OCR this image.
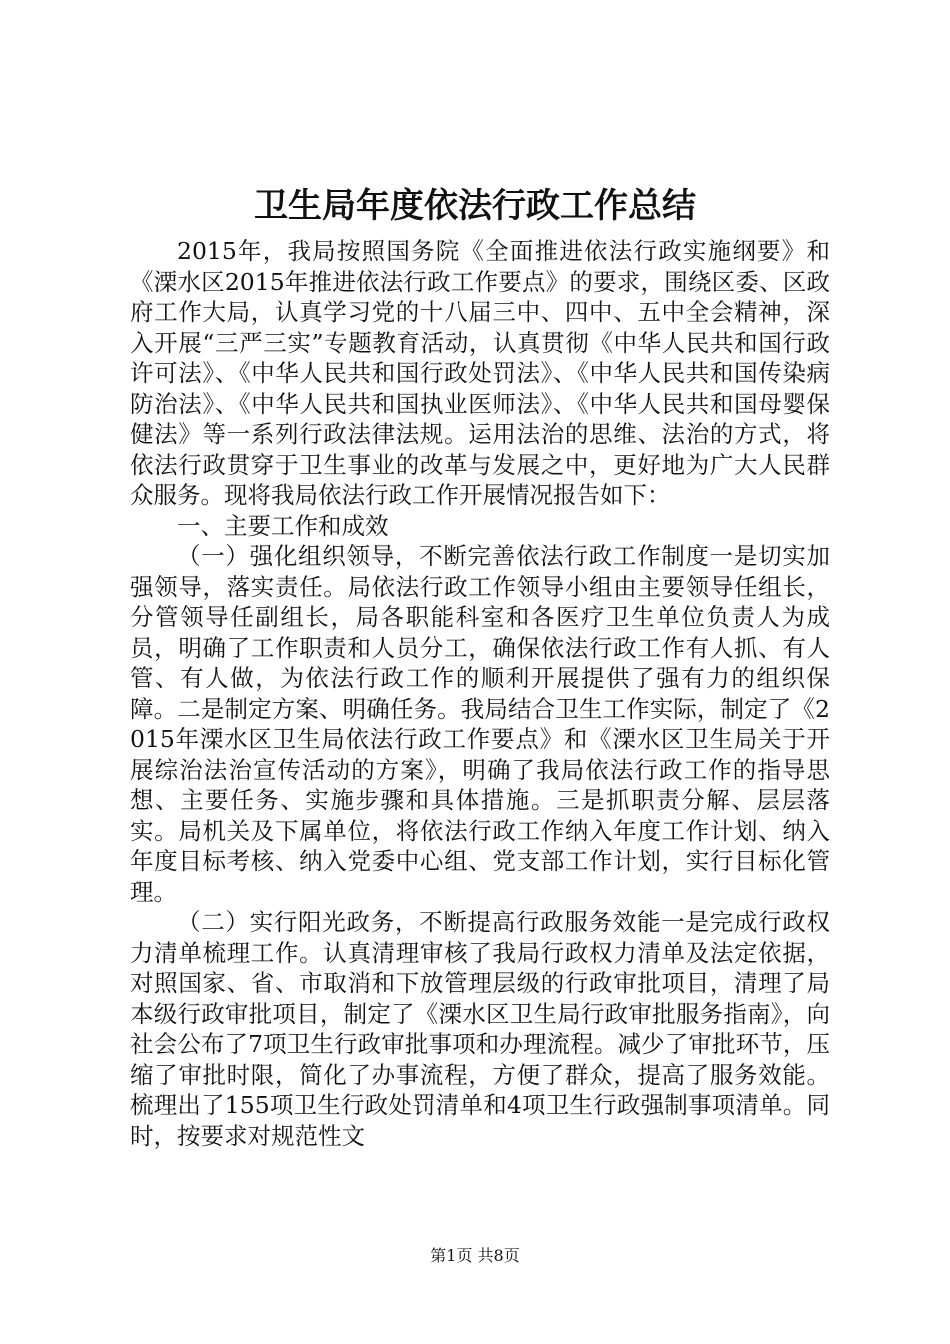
卫生局年度依法行政工作总结

2015年，我局按照国务院《全面推进依法行政实施纲要》和《溧水区2015年推进依法行政工作要点》的要求，围绕区委、区政府工作大局，认真学习党的十八届三中、四中、五中全会精神，深入开展“三严三实”专题教育活动，认真贯彻《中华人民共和国行政许可法》、《中华人民共和国行政处罚法》、《中华人民共和国传染病防治法》、《中华人民共和国执业医师法》、《中华人民共和国母婴保健法》等一系列行政法律法规。运用法治的思维、法治的方式，将依法行政贯穿于卫生事业的改革与发展之中，更好地为广大人民群众服务。现将我局依法行政工作开展情况报告如下：

一、主要工作和成效

（一）强化组织领导，不断完善依法行政工作制度一是切实加强领导，落实责任。局依法行政工作领导小组由主要领导任组长，分管领导任副组长，局各职能科室和各医疗卫生单位负责人为成员，明确了工作职责和人员分工，确保依法行政工作有人抓、有人管、有人做，为依法行政工作的顺利开展提供了强有力的组织保障。二是制定方案、明确任务。我局结合卫生工作实际，制定了《2015年溧水区卫生局依法行政工作要点》和《溧水区卫生局关于开展综治法治宣传活动的方案》，明确了我局依法行政工作的指导思想、主要任务、实施步骤和具体措施。三是抓职责分解、层层落实。局机关及下属单位，将依法行政工作纳入年度工作计划、纳入年度目标考核、纳入党委中心组、党支部工作计划，实行目标化管理。

（二）实行阳光政务，不断提高行政服务效能一是完成行政权力清单梳理工作。认真清理审核了我局行政权力清单及法定依据，对照国家、省、市取消和下放管理层级的行政审批项目，清理了局本级行政审批项目，制定了《溧水区卫生局行政审批服务指南》，向社会公布了7项卫生行政审批事项和办理流程。减少了审批环节，压缩了审批时限，简化了办事流程，方便了群众，提高了服务效能。梳理出了155项卫生行政处罚清单和4项卫生行政强制事项清单。同时，按要求对规范性文

第1页 共8页
